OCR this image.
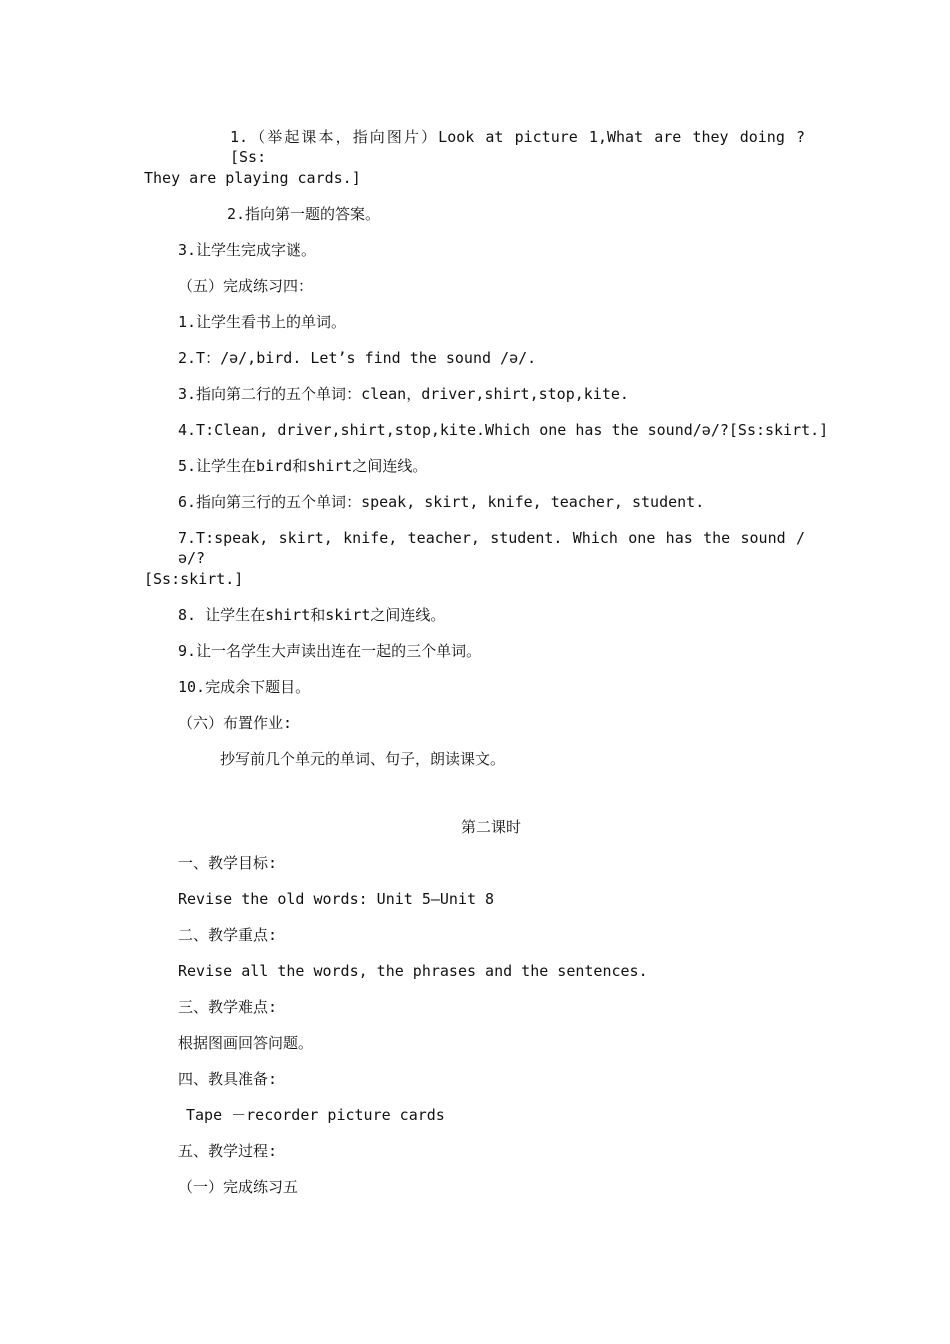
1.（举起课本，指向图片）Look at picture 1,What are they doing ? [Ss:
They are playing cards.]
2.指向第一题的答案。
3.让学生完成字谜。
（五）完成练习四：
1.让学生看书上的单词。
2.T：/ə/,bird. Let’s find the sound /ə/.
3.指向第二行的五个单词：clean，driver,shirt,stop,kite.
4.T:Clean, driver,shirt,stop,kite.Which one has the sound/ə/?[Ss:skirt.]
5.让学生在bird和shirt之间连线。
6.指向第三行的五个单词：speak, skirt, knife, teacher, student.
7.T:speak, skirt, knife, teacher, student. Which one has the sound /ə/?
[Ss:skirt.]
8. 让学生在shirt和skirt之间连线。
9.让一名学生大声读出连在一起的三个单词。
10.完成余下题目。
（六）布置作业:
抄写前几个单元的单词、句子，朗读课文。
第二课时
一、教学目标:
Revise the old words: Unit 5—Unit 8
二、教学重点:
Revise all the words, the phrases and the sentences.
三、教学难点:
根据图画回答问题。
四、教具准备:
Tape －recorder picture cards
五、教学过程:
（一）完成练习五
